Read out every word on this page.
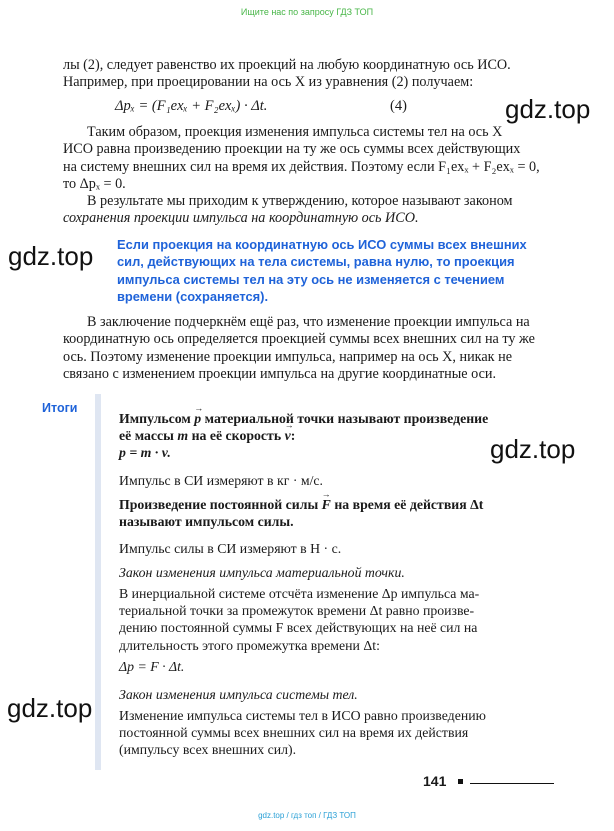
Ищите нас по запросу ГДЗ ТОП
лы (2), следует равенство их проекций на любую координатную ось ИСО.
Например, при проецировании на ось X из уравнения (2) получаем:
Δpₓ = (F₁exₓ + F₂exₓ) · Δt.	(4)	gdz.top
Таким образом, проекция изменения импульса системы тел на ось X
ИСО равна произведению проекции на ту же ось суммы всех действующих
на систему внешних сил на время их действия. Поэтому если F₁exₓ + F₂exₓ = 0,
то Δpₓ = 0.
В результате мы приходим к утверждению, которое называют законом
сохранения проекции импульса на координатную ось ИСО.
gdz.top Если проекция на координатную ось ИСО суммы всех внешних сил, действующих на тела системы, равна нулю, то проекция импульса системы тел на эту ось не изменяется с течением времени (сохраняется).
В заключение подчеркнём ещё раз, что изменение проекции импульса на
координатную ось определяется проекцией суммы всех внешних сил на ту же
ось. Поэтому изменение проекции импульса, например на ось X, никак не
связано с изменением проекции импульса на другие координатные оси.
Итоги
Импульсом → p материальной точки называют произведение
её массы m на её скорость → v:
p = m · v.	gdz.top
Импульс в СИ измеряют в кг · м/с.
Произведение постоянной силы → F на время её действия Δt
называют импульсом силы.
Импульс силы в СИ измеряют в Н · с.
Закон изменения импульса материальной точки.
В инерциальной системе отсчёта изменение Δp импульса ма-
териальной точки за промежуток времени Δt равно произве-
дению постоянной суммы F всех действующих на неё сил на
длительность этого промежутка времени Δt:
Δp = F · Δt.
gdz.top Закон изменения импульса системы тел.
Изменение импульса системы тел в ИСО равно произведению
постоянной суммы всех внешних сил на время их действия
(импульсу всех внешних сил).
141
gdz.top / гдз топ / ГДЗ ТОП
